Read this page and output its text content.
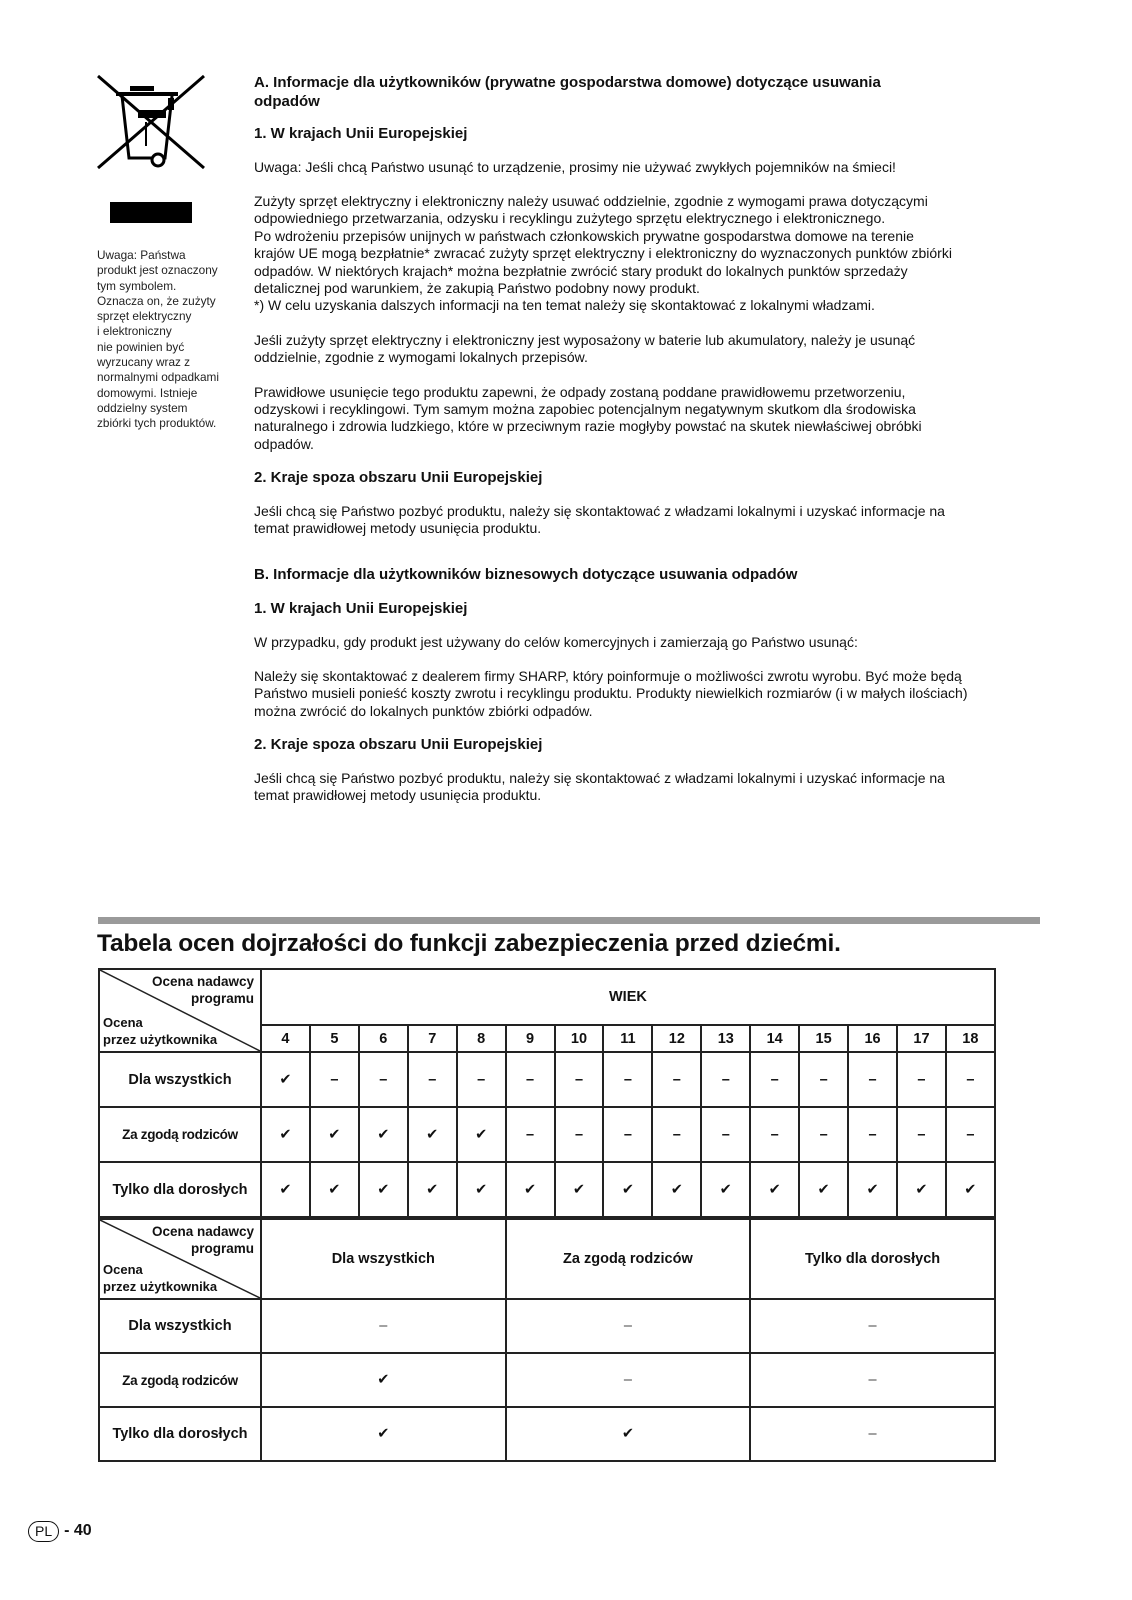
Uwaga: Państwa
produkt jest oznaczony
tym symbolem.
Oznacza on, że zużyty
sprzęt elektryczny
i elektroniczny
nie powinien być
wyrzucany wraz z
normalnymi odpadkami
domowymi. Istnieje
oddzielny system
zbiórki tych produktów.
A. Informacje dla użytkowników (prywatne gospodarstwa domowe) dotyczące usuwania
odpadów
1. W krajach Unii Europejskiej

Uwaga: Jeśli chcą Państwo usunąć to urządzenie, prosimy nie używać zwykłych pojemników na śmieci!

Zużyty sprzęt elektryczny i elektroniczny należy usuwać oddzielnie, zgodnie z wymogami prawa dotyczącymi
odpowiedniego przetwarzania, odzysku i recyklingu zużytego sprzętu elektrycznego i elektronicznego.
Po wdrożeniu przepisów unijnych w państwach członkowskich prywatne gospodarstwa domowe na terenie
krajów UE mogą bezpłatnie* zwracać zużyty sprzęt elektryczny i elektroniczny do wyznaczonych punktów zbiórki
odpadów. W niektórych krajach* można bezpłatnie zwrócić stary produkt do lokalnych punktów sprzedaży
detalicznej pod warunkiem, że zakupią Państwo podobny nowy produkt.
*) W celu uzyskania dalszych informacji na ten temat należy się skontaktować z lokalnymi władzami.

Jeśli zużyty sprzęt elektryczny i elektroniczny jest wyposażony w baterie lub akumulatory, należy je usunąć
oddzielnie, zgodnie z wymogami lokalnych przepisów.

Prawidłowe usunięcie tego produktu zapewni, że odpady zostaną poddane prawidłowemu przetworzeniu,
odzyskowi i recyklingowi. Tym samym można zapobiec potencjalnym negatywnym skutkom dla środowiska
naturalnego i zdrowia ludzkiego, które w przeciwnym razie mogłyby powstać na skutek niewłaściwej obróbki
odpadów.

2. Kraje spoza obszaru Unii Europejskiej

Jeśli chcą się Państwo pozbyć produktu, należy się skontaktować z władzami lokalnymi i uzyskać informacje na
temat prawidłowej metody usunięcia produktu.

B. Informacje dla użytkowników biznesowych dotyczące usuwania odpadów
1. W krajach Unii Europejskiej

W przypadku, gdy produkt jest używany do celów komercyjnych i zamierzają go Państwo usunąć:

Należy się skontaktować z dealerem firmy SHARP, który poinformuje o możliwości zwrotu wyrobu. Być może będą
Państwo musieli ponieść koszty zwrotu i recyklingu produktu. Produkty niewielkich rozmiarów (i w małych ilościach)
można zwrócić do lokalnych punktów zbiórki odpadów.

2. Kraje spoza obszaru Unii Europejskiej

Jeśli chcą się Państwo pozbyć produktu, należy się skontaktować z władzami lokalnymi i uzyskać informacje na
temat prawidłowej metody usunięcia produktu.

Tabela ocen dojrzałości do funkcji zabezpieczenia przed dziećmi.
Ocena nadawcy
programu
Ocena
przez użytkownika	WIEK														
	4	5	6	7	8	9	10	11	12	13	14	15	16	17	18
Dla wszystkich	✔	–	–	–	–	–	–	–	–	–	–	–	–	–	–
Za zgodą rodziców	✔	✔	✔	✔	✔	–	–	–	–	–	–	–	–	–	–
Tylko dla dorosłych	✔	✔	✔	✔	✔	✔	✔	✔	✔	✔	✔	✔	✔	✔	✔
Ocena nadawcy
programu
Ocena
przez użytkownika	Dla wszystkich	Za zgodą rodziców	Tylko dla dorosłych
Dla wszystkich	–	–	–
Za zgodą rodziców	✔	–	–
Tylko dla dorosłych	✔	✔	–
PL - 40
